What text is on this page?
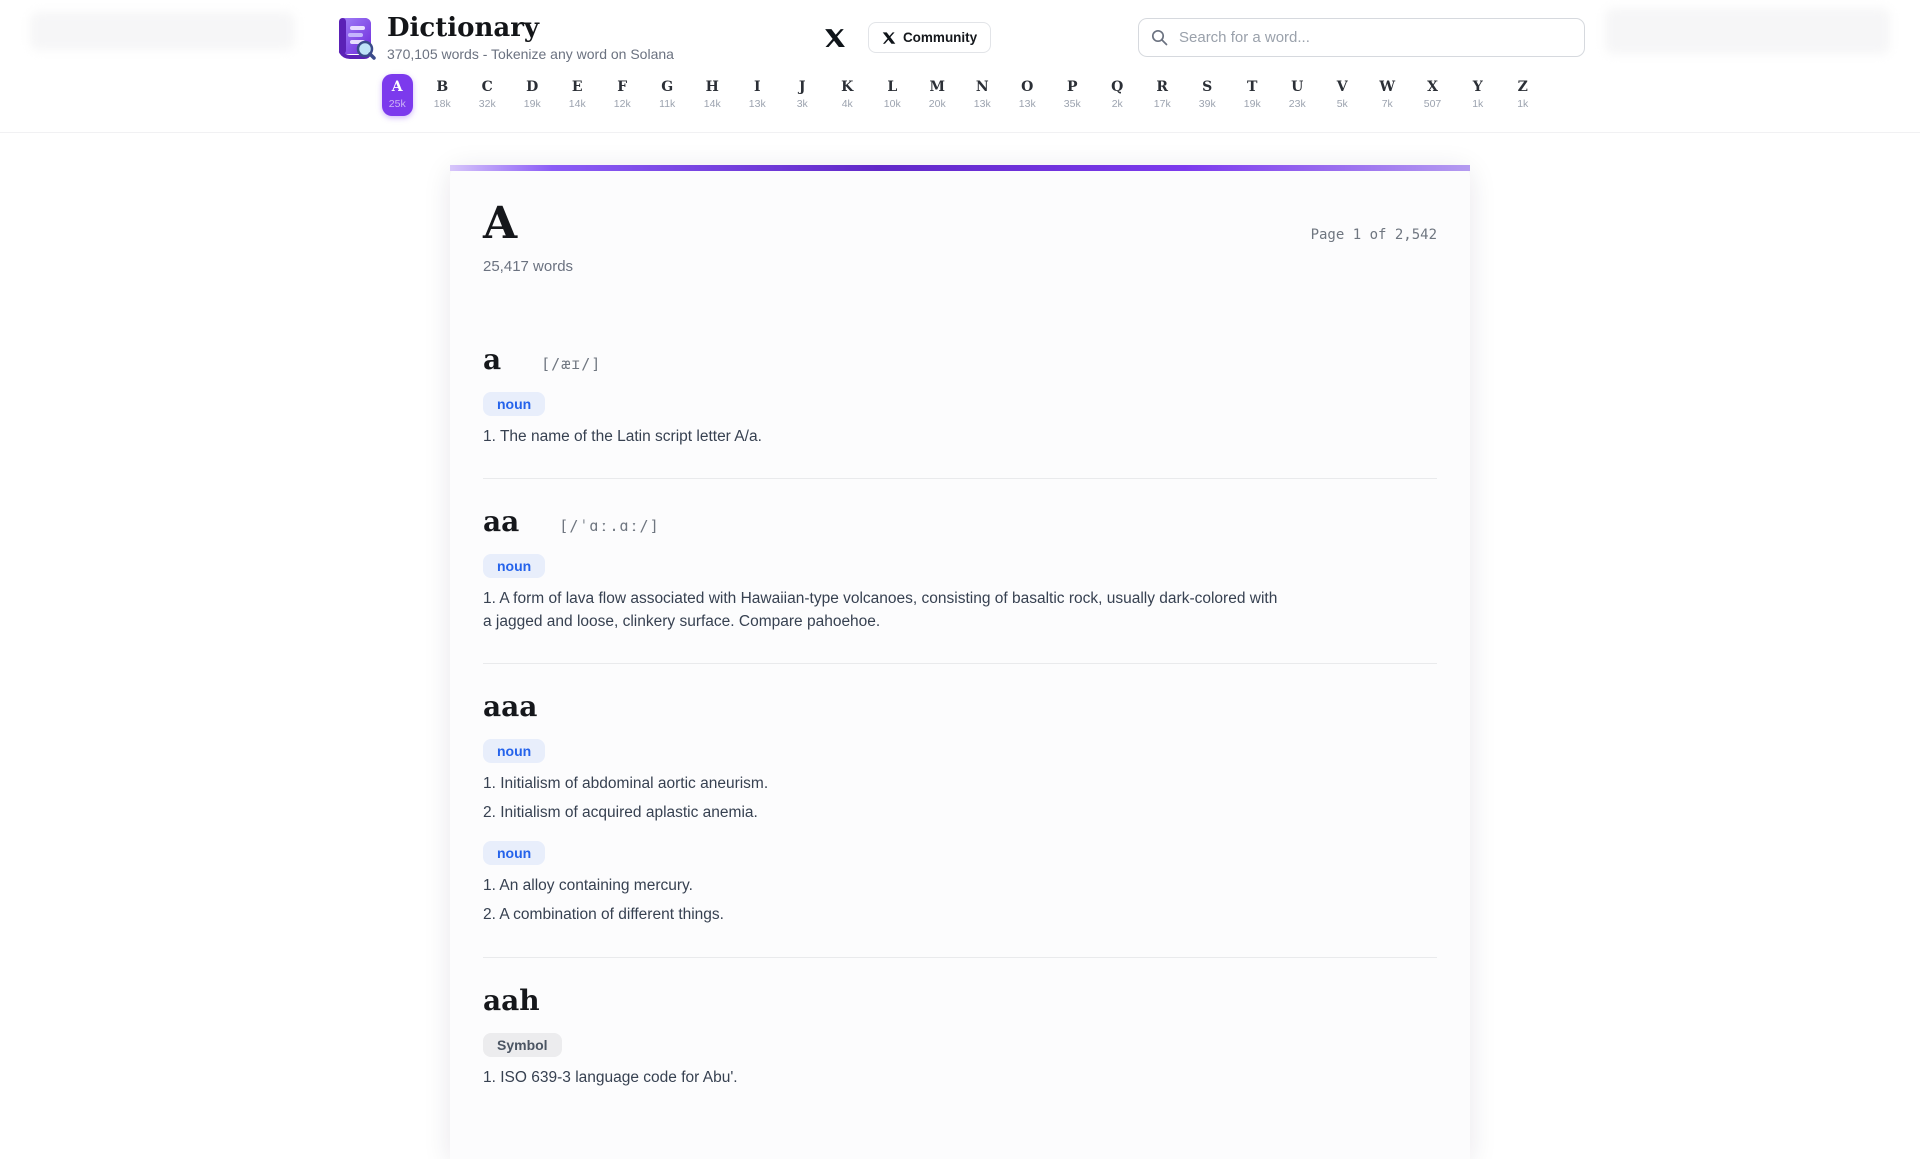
Dictionary
370,105 words - Tokenize any word on Solana
Community
Search for a word...
A
25k
B
18k
C
32k
D
19k
E
14k
F
12k
G
11k
H
14k
I
13k
J
3k
K
4k
L
10k
M
20k
N
13k
O
13k
P
35k
Q
2k
R
17k
S
39k
T
19k
U
23k
V
5k
W
7k
X
507
Y
1k
Z
1k
A
25,417 words
Page 1 of 2,542
a	[/æɪ/]
noun

1. The name of the Latin script letter A/a.

aa	[/ˈɑː.ɑː/]
noun

1. A form of lava flow associated with Hawaiian-type volcanoes, consisting of basaltic rock, usually dark-colored with a jagged and loose, clinkery surface. Compare pahoehoe.

aaa
noun

1. Initialism of abdominal aortic aneurism.

2. Initialism of acquired aplastic anemia.

noun

1. An alloy containing mercury.

2. A combination of different things.

aah
Symbol

1. ISO 639-3 language code for Abu'.
